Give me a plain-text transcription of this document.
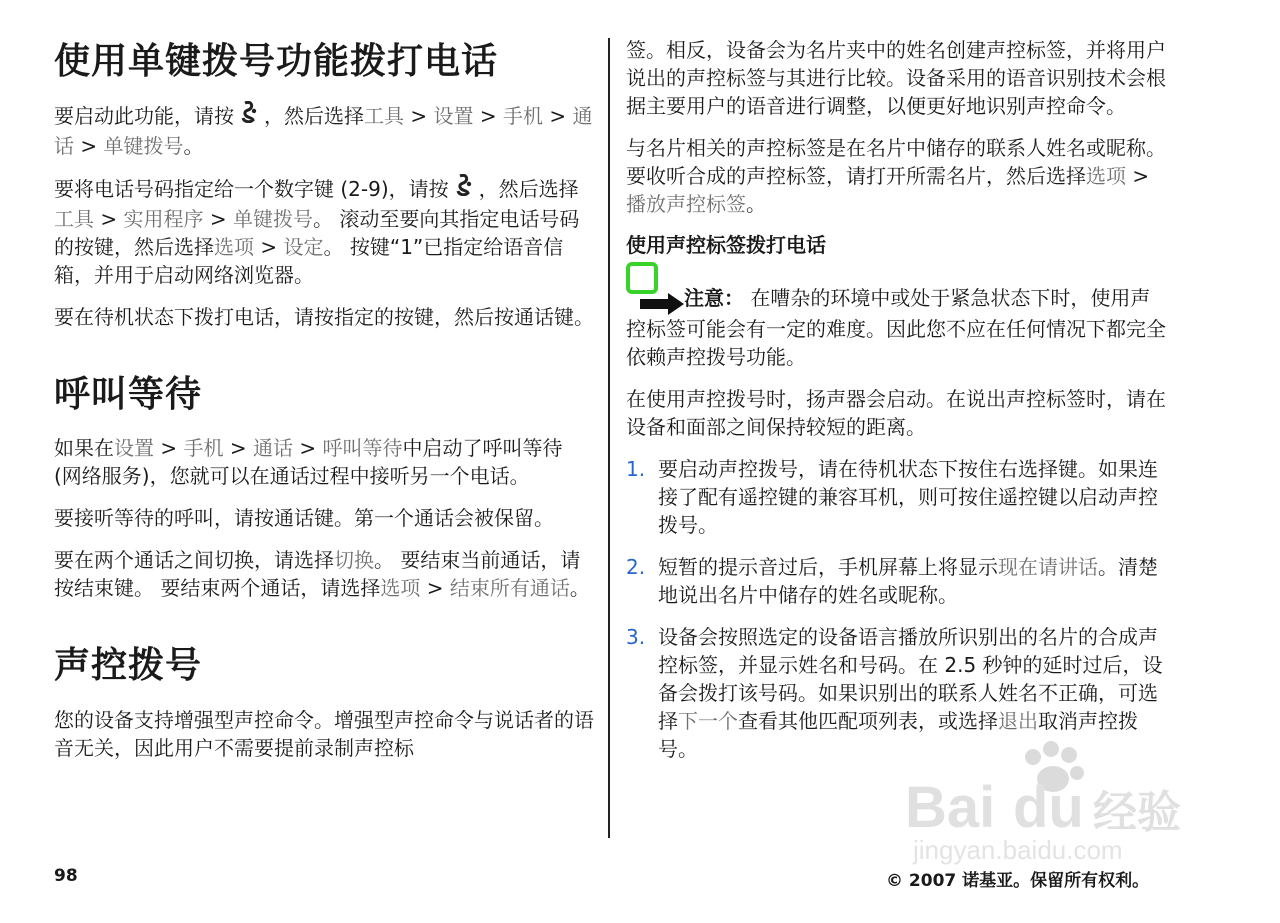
使用单键拨号功能拨打电话

要启动此功能，请按 ，然后选择工具 > 设置 > 手机 > 通话 > 单键拨号。

要将电话号码指定给一个数字键 (2-9)，请按 ，然后选择工具 > 实用程序 > 单键拨号。 滚动至要向其指定电话号码的按键，然后选择选项 > 设定。 按键“1”已指定给语音信箱，并用于启动网络浏览器。

要在待机状态下拨打电话，请按指定的按键，然后按通话键。

呼叫等待

如果在设置 > 手机 > 通话 > 呼叫等待中启动了呼叫等待 (网络服务)，您就可以在通话过程中接听另一个电话。

要接听等待的呼叫，请按通话键。第一个通话会被保留。

要在两个通话之间切换，请选择切换。 要结束当前通话，请按结束键。 要结束两个通话，请选择选项 > 结束所有通话。

声控拨号

您的设备支持增强型声控命令。增强型声控命令与说话者的语音无关，因此用户不需要提前录制声控标

签。相反，设备会为名片夹中的姓名创建声控标签，并将用户说出的声控标签与其进行比较。设备采用的语音识别技术会根据主要用户的语音进行调整，以便更好地识别声控命令。

与名片相关的声控标签是在名片中储存的联系人姓名或昵称。要收听合成的声控标签，请打开所需名片，然后选择选项 > 播放声控标签。

使用声控标签拨打电话

注意： 在嘈杂的环境中或处于紧急状态下时，使用声控标签可能会有一定的难度。因此您不应在任何情况下都完全依赖声控拨号功能。

在使用声控拨号时，扬声器会启动。在说出声控标签时，请在设备和面部之间保持较短的距离。

1. 要启动声控拨号，请在待机状态下按住右选择键。如果连接了配有遥控键的兼容耳机，则可按住遥控键以启动声控拨号。
2. 短暂的提示音过后，手机屏幕上将显示现在请讲话。清楚地说出名片中储存的姓名或昵称。
3. 设备会按照选定的设备语言播放所识别出的名片的合成声控标签，并显示姓名和号码。在 2.5 秒钟的延时过后，设备会拨打该号码。如果识别出的联系人姓名不正确，可选择下一个查看其他匹配项列表，或选择退出取消声控拨号。
Bai du 经验
jingyan.baidu.com
98	© 2007 诺基亚。保留所有权利。
